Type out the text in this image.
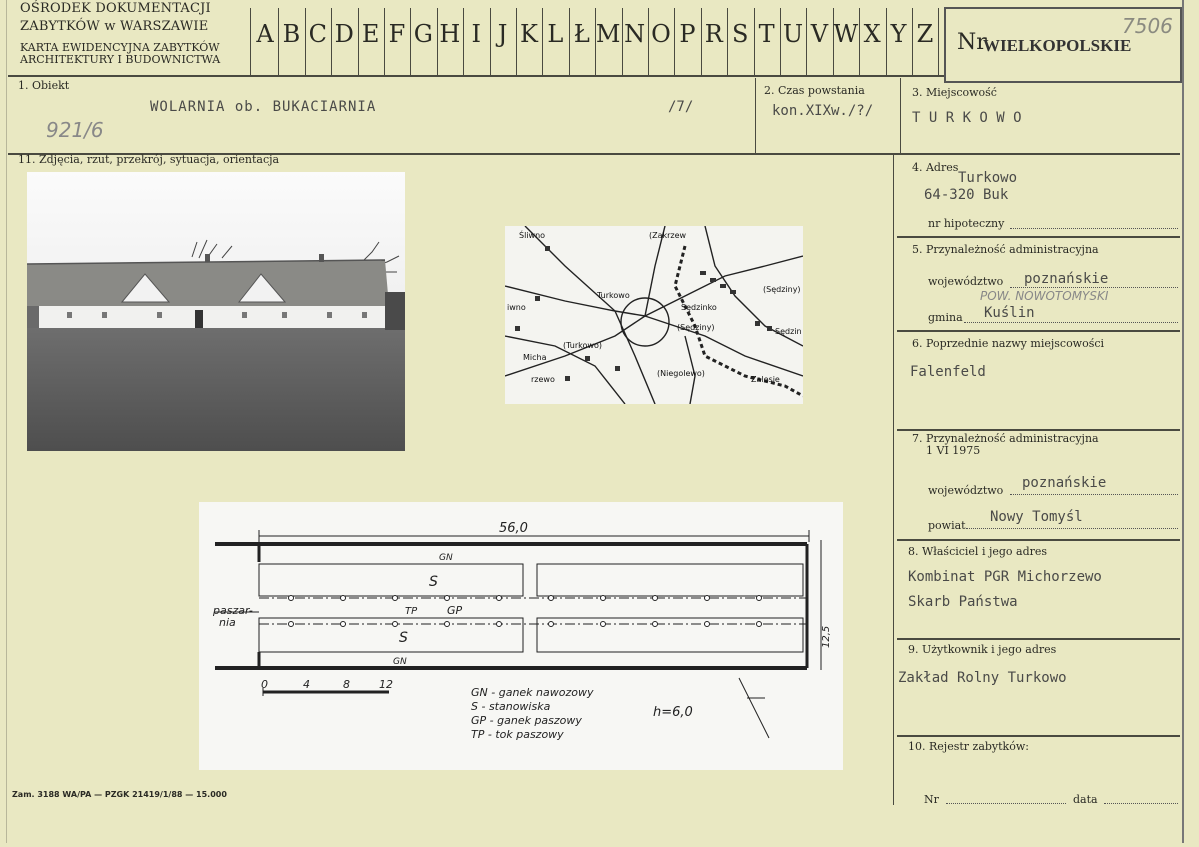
OŚRODEK DOKUMENTACJI
ZABYTKÓW w WARSZAWIE
KARTA EWIDENCYJNA ZABYTKÓW
ARCHITEKTURY I BUDOWNICTWA
A B C D E F G H I J K L Ł M N O P R S T U V W X Y Z Nr
WIELKOPOLSKIE
7506
1. Obiekt
WOLARNIA ob. BUKACIARNIA	/7/
921/6
2. Czas powstania
kon.XIXw./?/
3. Miejscowość
T U R K O W O
11. Zdjęcia, rzut, przekrój, sytuacja, orientacja
Śliwno
Turkowo
Sędzinko
(Sędziny)
(Turkowo)
(Sędziny)	Sędzin
(Niegolewo)
Zalesie
Micha
rzewo
(Zakrzew
iwno
56,0
12,5
GN
GN
S
S
TP	GP
paszar-
nia
0	4	8	12
h=6,0
GN - ganek nawozowy
S - stanowiska
GP - ganek paszowy
TP - tok paszowy
Zam. 3188 WA/PA — PZGK 21419/1/88 — 15.000
4. Adres
Turkowo
64-320 Buk
nr hipoteczny
5. Przynależność administracyjna
województwo poznańskie
POW. NOWOTOMYSKI
gmina Kuślin
6. Poprzednie nazwy miejscowości
Falenfeld
7. Przynależność administracyjna
1 VI 1975
województwo poznańskie
powiat
Nowy Tomyśl
8. Właściciel i jego adres
Kombinat PGR Michorzewo
Skarb Państwa
9. Użytkownik i jego adres
Zakład Rolny Turkowo
10. Rejestr zabytków:
Nr	data
